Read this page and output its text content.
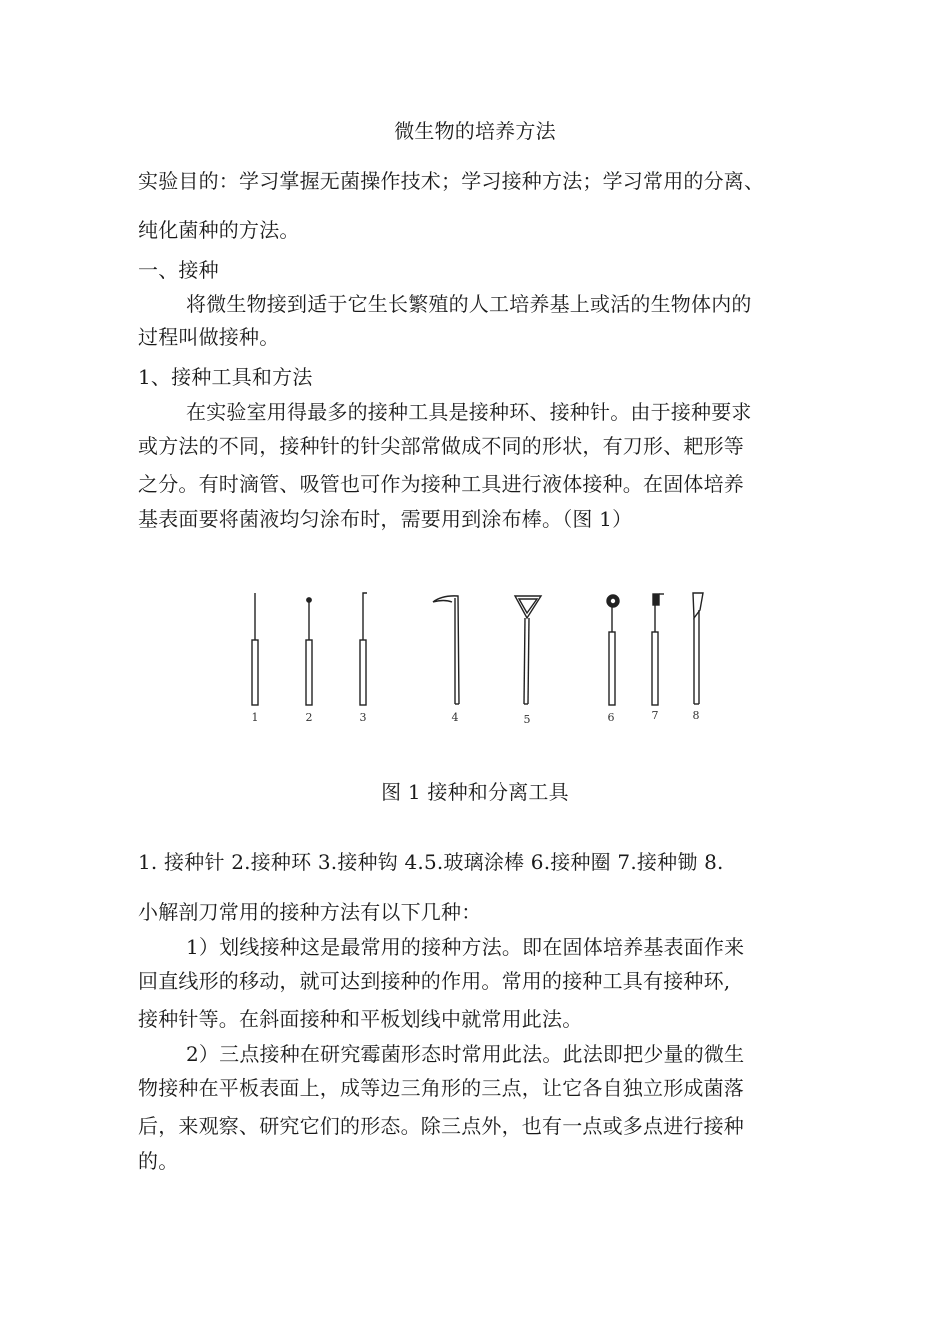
微生物的培养方法
实验目的：学习掌握无菌操作技术；学习接种方法；学习常用的分离、
纯化菌种的方法。
一、接种
将微生物接到适于它生长繁殖的人工培养基上或活的生物体内的
过程叫做接种。
1、接种工具和方法
在实验室用得最多的接种工具是接种环、接种针。由于接种要求
或方法的不同，接种针的针尖部常做成不同的形状，有刀形、耙形等
之分。有时滴管、吸管也可作为接种工具进行液体接种。在固体培养
基表面要将菌液均匀涂布时，需要用到涂布棒。（图 1）
1	2	3	4	5	6	7	8
图 1 接种和分离工具
1. 接种针 2.接种环 3.接种钩 4.5.玻璃涂棒 6.接种圈 7.接种锄 8.
小解剖刀常用的接种方法有以下几种：
1）划线接种这是最常用的接种方法。即在固体培养基表面作来
回直线形的移动，就可达到接种的作用。常用的接种工具有接种环,
接种针等。在斜面接种和平板划线中就常用此法。
2）三点接种在研究霉菌形态时常用此法。此法即把少量的微生
物接种在平板表面上，成等边三角形的三点，让它各自独立形成菌落
后，来观察、研究它们的形态。除三点外，也有一点或多点进行接种
的。
